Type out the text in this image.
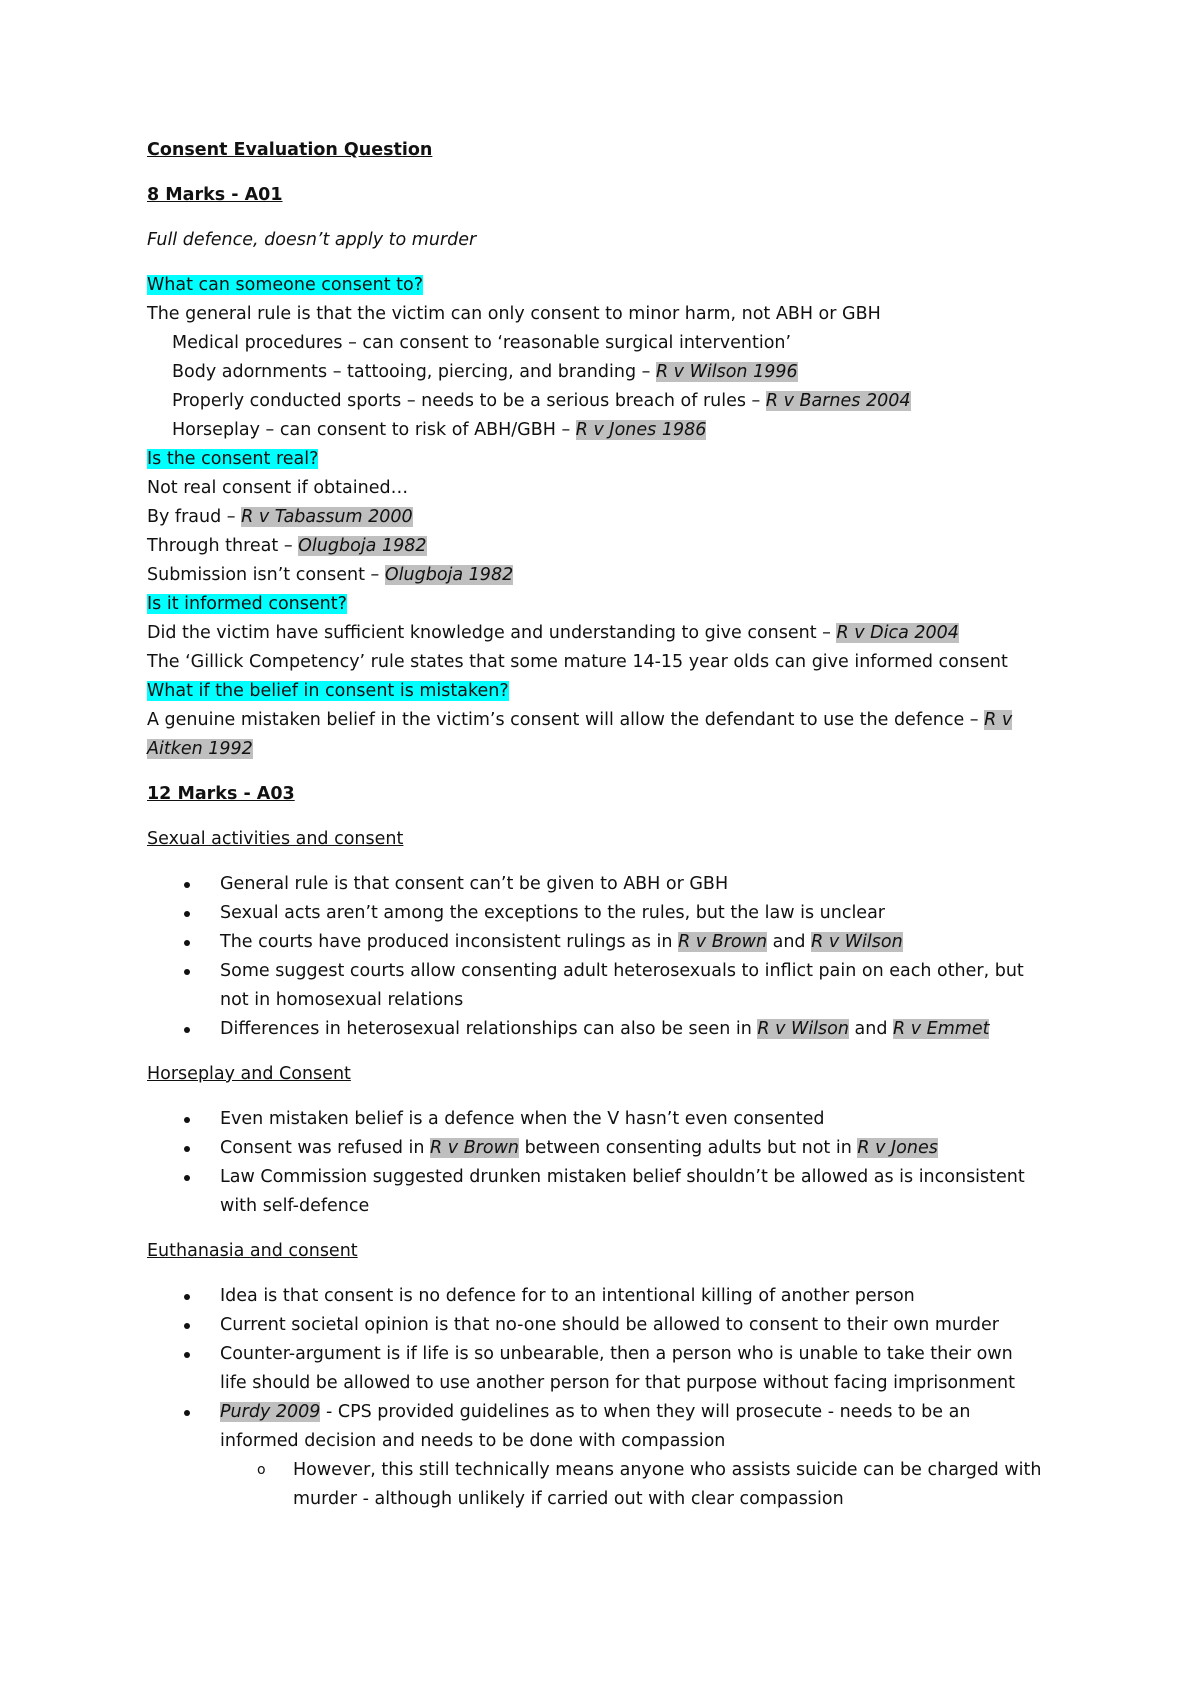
Consent Evaluation Question
8 Marks - A01
Full defence, doesn’t apply to murder
What can someone consent to?
The general rule is that the victim can only consent to minor harm, not ABH or GBH
Medical procedures – can consent to ‘reasonable surgical intervention’
Body adornments – tattooing, piercing, and branding – R v Wilson 1996
Properly conducted sports – needs to be a serious breach of rules – R v Barnes 2004
Horseplay – can consent to risk of ABH/GBH – R v Jones 1986
Is the consent real?
Not real consent if obtained…
By fraud – R v Tabassum 2000
Through threat – Olugboja 1982
Submission isn’t consent – Olugboja 1982
Is it informed consent?
Did the victim have sufficient knowledge and understanding to give consent – R v Dica 2004
The ‘Gillick Competency’ rule states that some mature 14-15 year olds can give informed consent
What if the belief in consent is mistaken?
A genuine mistaken belief in the victim’s consent will allow the defendant to use the defence – R v
Aitken 1992
12 Marks - A03
Sexual activities and consent
General rule is that consent can’t be given to ABH or GBH
Sexual acts aren’t among the exceptions to the rules, but the law is unclear
The courts have produced inconsistent rulings as in R v Brown and R v Wilson
Some suggest courts allow consenting adult heterosexuals to inflict pain on each other, but
not in homosexual relations
Differences in heterosexual relationships can also be seen in R v Wilson and R v Emmet
Horseplay and Consent
Even mistaken belief is a defence when the V hasn’t even consented
Consent was refused in R v Brown between consenting adults but not in R v Jones
Law Commission suggested drunken mistaken belief shouldn’t be allowed as is inconsistent
with self-defence
Euthanasia and consent
Idea is that consent is no defence for to an intentional killing of another person
Current societal opinion is that no-one should be allowed to consent to their own murder
Counter-argument is if life is so unbearable, then a person who is unable to take their own
life should be allowed to use another person for that purpose without facing imprisonment
Purdy 2009 - CPS provided guidelines as to when they will prosecute - needs to be an
informed decision and needs to be done with compassion
o However, this still technically means anyone who assists suicide can be charged with
murder - although unlikely if carried out with clear compassion
